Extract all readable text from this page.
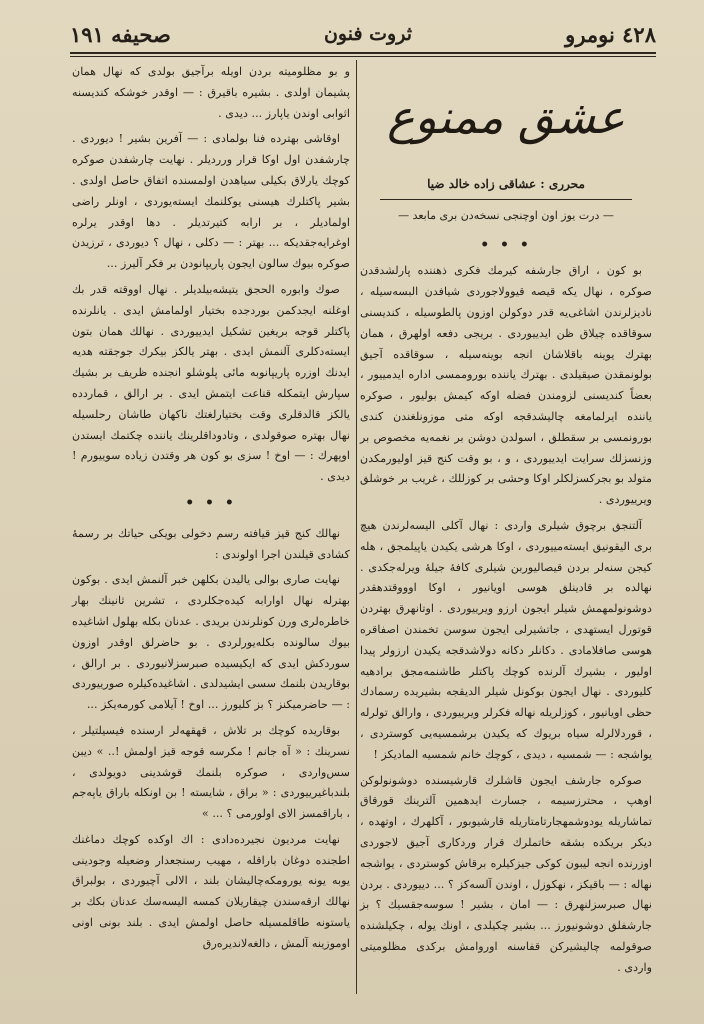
٤٢٨ نومرو
ثروت فنون
صحيفه ١٩١
عشق ممنوع
محرری : عشاقی زاده خالد ضیا
— درت یوز اون اوچنجی نسخه‌دن بری مابعد —
• • •

بو کون ، اراق جارشفه کیرمك فکری ذهننده پارلشدقدن صوکره ، نهال یکه قیصه قیوولاجوردی شیافدن البسه‌سیله ، نادیزلرندن اشاغی‌یه قدر دوکولن اوزون پالطوسیله ، کندیسنی سوقاقده چیلاق ظن ایدییوردی . بریجی دفعه اولهرق ، همان بهترك یوینه باقلاشان انجه بوینه‌سیله ، سوقاقده آجیق بولونمقدن صیقیلدی . بهترك یاننده بوروممسی اداره ایدمییور ، بعضاً کندیسنی لزومندن فضله اوکه کیمش بولیور ، صوکره یاننده ایرلمامغه چالیشدقجه اوکه متی موزونلغندن کندی بورونمسی بر سقطلق ، اسولدن دوشن بر نغمه‌یه مخصوص بر وزنسزلك سرایت ایدییوردی ، و ، بو وقت کنج قیز اولیورمکدن متولد بو بجرکسزلکلر اوکا وحشی بر کوزللك ، غریب بر خوشلق ویرییوردی .

آلتنجق برچوق شیلری واردی : نهال آکلی الیسه‌لرندن هیچ بری الیقونیق ایسته‌مییوردی ، اوکا هرشی یکیدن یاپیلمجق ، هله کیجن سنه‌لر بردن قیصالیوربن شیلری کافهٔ جیلهٔ ویرله‌جکدی . نهالده بر قادینلق هوسی اویانیور ، اوکا اوووقتدهقدر دوشونولمهمش شیلر ایجون ارزو ویرییوردی . اوتانهرق بهتردن قوتورل ایستهدی ، جاتشیرلی ایجون سوسن تخمندن اصفاقره هوسی صافلامادی . دکانلر دکانه دولاشدقجه یکیدن ارزولر پیدا اولیور ، بشیرك آلرنده کوچك پاکتلر طاشنمه‌مجق برادهیه کلیوردی . نهال ایجون بوکونل شیلر الدیقجه بشیریده رسمادك حظی اویانیور ، کوزلریله نهاله فکرلر ویرییوردی ، وارالق تولرله ، قوردلالرله سیاه بریوك که یکیدن برشمسیه‌یی کوستردی ، یواشجه : — شمسیه ، دیدی ، کوچك خانم شمسیه المادیکز !

صوکره جارشف ایجون قاشلرك قارشیسنده دوشونولوکن اوهپ ، محترزسیمه ، جسارت ایدهمین آلترینك قورقاق تماشاریله یودوشمهجارتامتاریله قارشیوبور ، آکلهرك ، اوتهده ، دیکر بریکده بشقه خاتملرك قرار وردکاری آجیق لاجوردی اوزرنده انجه لیبون کوکی جیزکیلره برقاش کوستردی ، یواشجه نهاله : — باقیکز ، نهکوزل ، اوندن آلسه‌کز ؟ ... دییوردی . بردن نهال صبرسزلنهرق : — امان ، بشیر ! سوسه‌جقسیك ؟ بز جارشفلق دوشونیورز ... بشیر چکیلدی ، اونك یوله ، چکیلشنده صوقولمه چالیشیرکن قفاسنه اوروامش برکدی مظلومیتی واردی .

و بو مظلومیته بردن اویله برآجیق بولدی که نهال همان پشیمان اولدی . بشیره باقیرق : — اوقدر خوشکه کندیسنه اثوابی اوندن یاپارز ... دیدی .

اوقاشی بهترده فنا بولمادی : — آفرین بشیر ! دیوردی . چارشفدن اول اوکا قرار ورردیلر . نهایت چارشفدن صوکره کوچك یارلاق بکیلی سیاهدن اولمسنده اتفاق حاصل اولدی . بشیر پاکتلرك هیسنی یوکلنمك ایسته‌یوردی ، اونلر راضی اولمادیلر ، بر ارابه کتیرتدیلر . دها اوقدر یرلره اوغرایه‌جقدیکه ... بهتر : — دکلی ، نهال ؟ دیوردی ، ترزیدن صوکره بیوك سالون ایجون پاریپانودن بر فکر آلیرز ...

صوك وابوره الحجق یتیشه‌بیلدیلر . نهال اووقته قدر بك اوغلنه ایجدکمن بوردجده بختیار اولمامش ایدی . یانلرنده پاکتلر قوجه بریغین تشکیل ایدییوردی . نهالك همان بتون ایسته‌دکلری آلنمش ایدی . بهتر یالکز بیکرك جوجقته هدیه ایدنك اوزره پاریپانوبه مائی پلوشلو انجنده ظریف بر بشیك سپارش ایتمکله قناعت ایتمش ایدی . بر ارالق ، قماردده یالکز قالدقلری وقت بختیارلغتك ناکهان طاشان رحلسیله نهال بهتره صوقولدی ، وتادوداقلرینك یاننده چکتمك ایستدن اوپهرك : — اوخ ! سزی بو کون هر وقتدن زیاده سوییورم ! دیدی .

• • •

نهالك کنج قیز قیافته رسم دخولی بویکی حیاتك بر رسمهٔ کشادی قیلندن اجرا اولوندی :

نهایت صاری بوالی یالیدن بکلهن خبر آلنمش ایدی . بوکون بهترله نهال اوارابه کیده‌جکلردی ، تشرین ثانینك بهار خاطره‌لری ورن کونلرندن بریدی . عدنان بکله بهلول اشاغیده بیوك سالونده بکله‌یورلردی . بو حاضرلق اوقدر اوزون سوردکش ایدی که ایکیسیده صبرسزلانیوردی . بر ارالق ، بوقاریدن بلنمك سسی ایشیدلدی . اشاغیده‌کیلره صورییوردی : — حاضرمیکنز ؟ بز کلیورز ... اوخ ! آیلامی کورمه‌یکز ...

بوقاریده کوچك بر تلاش ، قهقهه‌لر ارسنده فیسیلتیلر ، نسرینك : « آه جانم ! مکرسه قوجه قیز اولمش !.. » دیبن سس‌واردی ، صوکره بلنمك قوشدینی دویولدی ، بلندباغیرییوردی : « براق ، شایسته ! بن اونکله باراق یاپه‌جم ، باراقمسز الای اولورمی ؟ ... »

نهایت مردیون نجیرده‌دادی : اك اوکده کوچك دماغنك اطجنده دوغان باراقله ، مهیب رسنجعدار وضعیله وجودینی یوبه یونه یورومکه‌چالیشان بلند ، الالی آچیوردی ، بولبراق نهالك ارقه‌سندن چیقاریلان کمسه الیسه‌سك عدنان بکك بر یاستونه طاقلمسیله حاصل اولمش ایدی . بلند بونی اونی اوموزینه آلمش ، دالغه‌لاندیره‌رق
